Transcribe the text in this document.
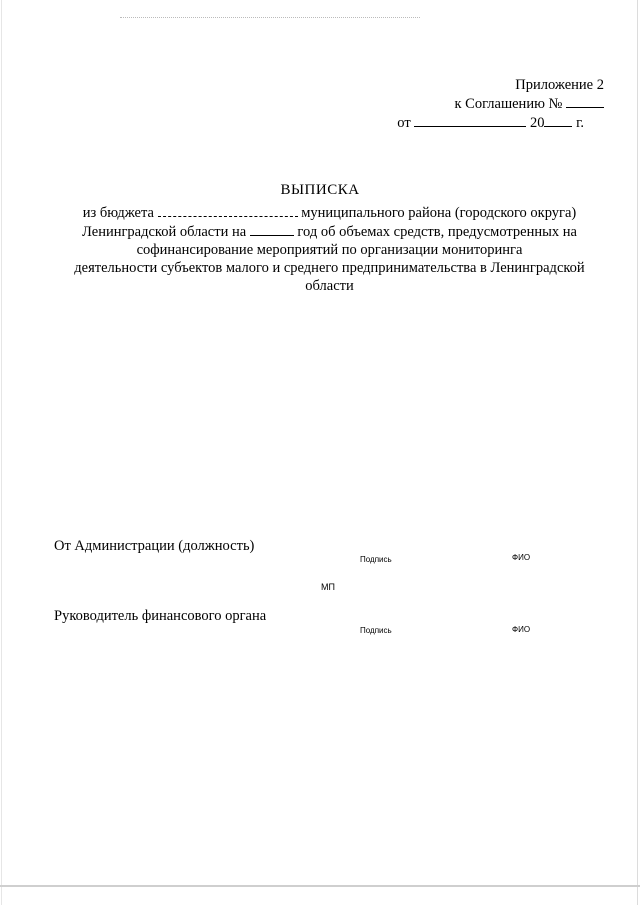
Приложение 2
к Соглашению №
от	20 г.
ВЫПИСКА
из бюджета	муниципального района (городского округа)
Ленинградской области на	год об объемах средств, предусмотренных на
софинансирование мероприятий по организации мониторинга
деятельности субъектов малого и среднего предпринимательства в Ленинградской
области
От Администрации (должность)
Подпись	ФИО
МП
Руководитель финансового органа
Подпись	ФИО
